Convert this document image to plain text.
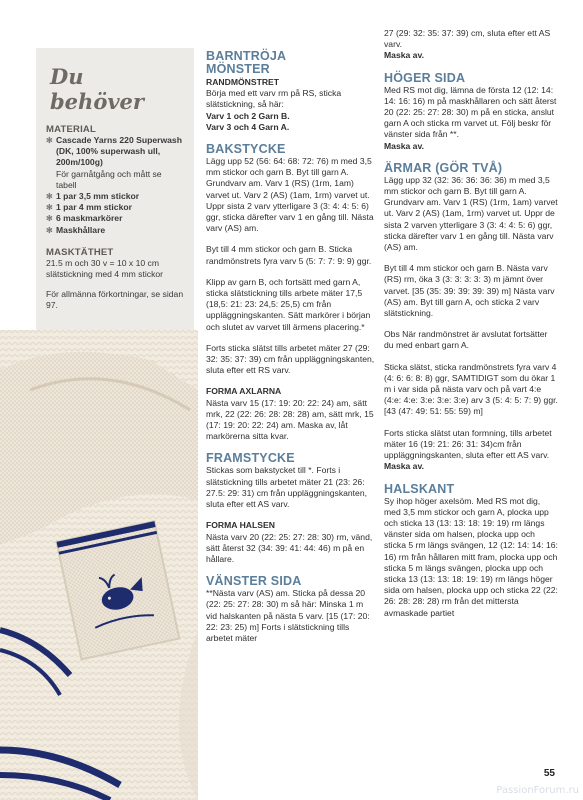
Du behöver
MATERIAL
✻ Cascade Yarns 220 Superwash (DK, 100% superwash ull, 200m/100g)
För garnåtgång och mått se tabell
✻ 1 par 3,5 mm stickor
✻ 1 par 4 mm stickor
✻ 6 maskmarkörer
✻ Maskhållare
MASKTÄTHET

21.5 m och 30 v = 10 x 10 cm slätstickning med 4 mm stickor

För allmänna förkortningar, se sidan 97.

BARNTRÖJA
MÖNSTER
RANDMÖNSTRET

Börja med ett varv rm på RS, sticka slätstickning, så här:

Varv 1 och 2 Garn B.

Varv 3 och 4 Garn A.

BAKSTYCKE

Lägg upp 52 (56: 64: 68: 72: 76) m med 3,5 mm stickor och garn B. Byt till garn A. Grundvarv am. Varv 1 (RS) (1rm, 1am) varvet ut. Varv 2 (AS) (1am, 1rm) varvet ut. Uppr sista 2 varv ytterligare 3 (3: 4: 4: 5: 6) ggr, sticka därefter varv 1 en gång till. Nästa varv (AS) am.

Byt till 4 mm stickor och garn B. Sticka randmönstrets fyra varv 5 (5: 7: 7: 9: 9) ggr.

Klipp av garn B, och fortsätt med garn A, sticka slätstickning tills arbete mäter 17,5 (18,5: 21: 23: 24,5: 25,5) cm från uppläggningskanten. Sätt markörer i början och slutet av varvet till ärmens placering.*

Forts sticka slätst tills arbetet mäter 27 (29: 32: 35: 37: 39) cm från uppläggningskanten, sluta efter ett RS varv.

FORMA AXLARNA

Nästa varv 15 (17: 19: 20: 22: 24) am, sätt mrk, 22 (22: 26: 28: 28: 28) am, sätt mrk, 15 (17: 19: 20: 22: 24) am. Maska av, låt markörerna sitta kvar.

FRAMSTYCKE

Stickas som bakstycket till *. Forts i slätstickning tills arbetet mäter 21 (23: 26: 27.5: 29: 31) cm från uppläggningskanten, sluta efter ett AS varv.

FORMA HALSEN

Nästa varv 20 (22: 25: 27: 28: 30) rm, vänd, sätt återst 32 (34: 39: 41: 44: 46) m på en hållare.

VÄNSTER SIDA

**Nästa varv (AS) am. Sticka på dessa 20 (22: 25: 27: 28: 30) m så här: Minska 1 m vid halskanten på nästa 5 varv. [15 (17: 20: 22: 23: 25) m] Forts i slätstickning tills arbetet mäter

27 (29: 32: 35: 37: 39) cm, sluta efter ett AS varv.

Maska av.

HÖGER SIDA

Med RS mot dig, lämna de första 12 (12: 14: 14: 16: 16) m på maskhållaren och sätt återst 20 (22: 25: 27: 28: 30) m på en sticka, anslut garn A och sticka rm varvet ut. Följ beskr för vänster sida från **.

Maska av.

ÄRMAR (GÖR TVÅ)

Lägg upp 32 (32: 36: 36: 36: 36) m med 3,5 mm stickor och garn B. Byt till garn A. Grundvarv am. Varv 1 (RS) (1rm, 1am) varvet ut. Varv 2 (AS) (1am, 1rm) varvet ut. Uppr de sista 2 varven ytterligare 3 (3: 4: 4: 5: 6) ggr, sticka därefter varv 1 en gång till. Nästa varv (AS) am.

Byt till 4 mm stickor och garn B. Nästa varv (RS) rm, öka 3 (3: 3: 3: 3: 3) m jämnt över varvet. [35 (35: 39: 39: 39: 39) m] Nästa varv (AS) am. Byt till garn A, och sticka 2 varv slätstickning.

Obs När randmönstret är avslutat fortsätter du med enbart garn A.

Sticka slätst, sticka randmönstrets fyra varv 4 (4: 6: 6: 8: 8) ggr, SAMTIDIGT som du ökar 1 m i var sida på nästa varv och på vart 4:e (4:e: 4:e: 3:e: 3:e: 3:e) arv 3 (5: 4: 5: 7: 9) ggr. [43 (47: 49: 51: 55: 59) m]

Forts sticka slätst utan formning, tills arbetet mäter 16 (19: 21: 26: 31: 34)cm från uppläggningskanten, sluta efter ett AS varv.

Maska av.

HALSKANT

Sy ihop höger axelsöm. Med RS mot dig, med 3,5 mm stickor och garn A, plocka upp och sticka 13 (13: 13: 18: 19: 19) rm längs vänster sida om halsen, plocka upp och sticka 5 rm längs svängen, 12 (12: 14: 14: 16: 16) rm från hållaren mitt fram, plocka upp och sticka 5 m längs svängen, plocka upp och sticka 13 (13: 13: 18: 19: 19) rm längs höger sida om halsen, plocka upp och sticka 22 (22: 26: 28: 28: 28) rm från det mittersta avmaskade partiet

55
PassionForum.ru
